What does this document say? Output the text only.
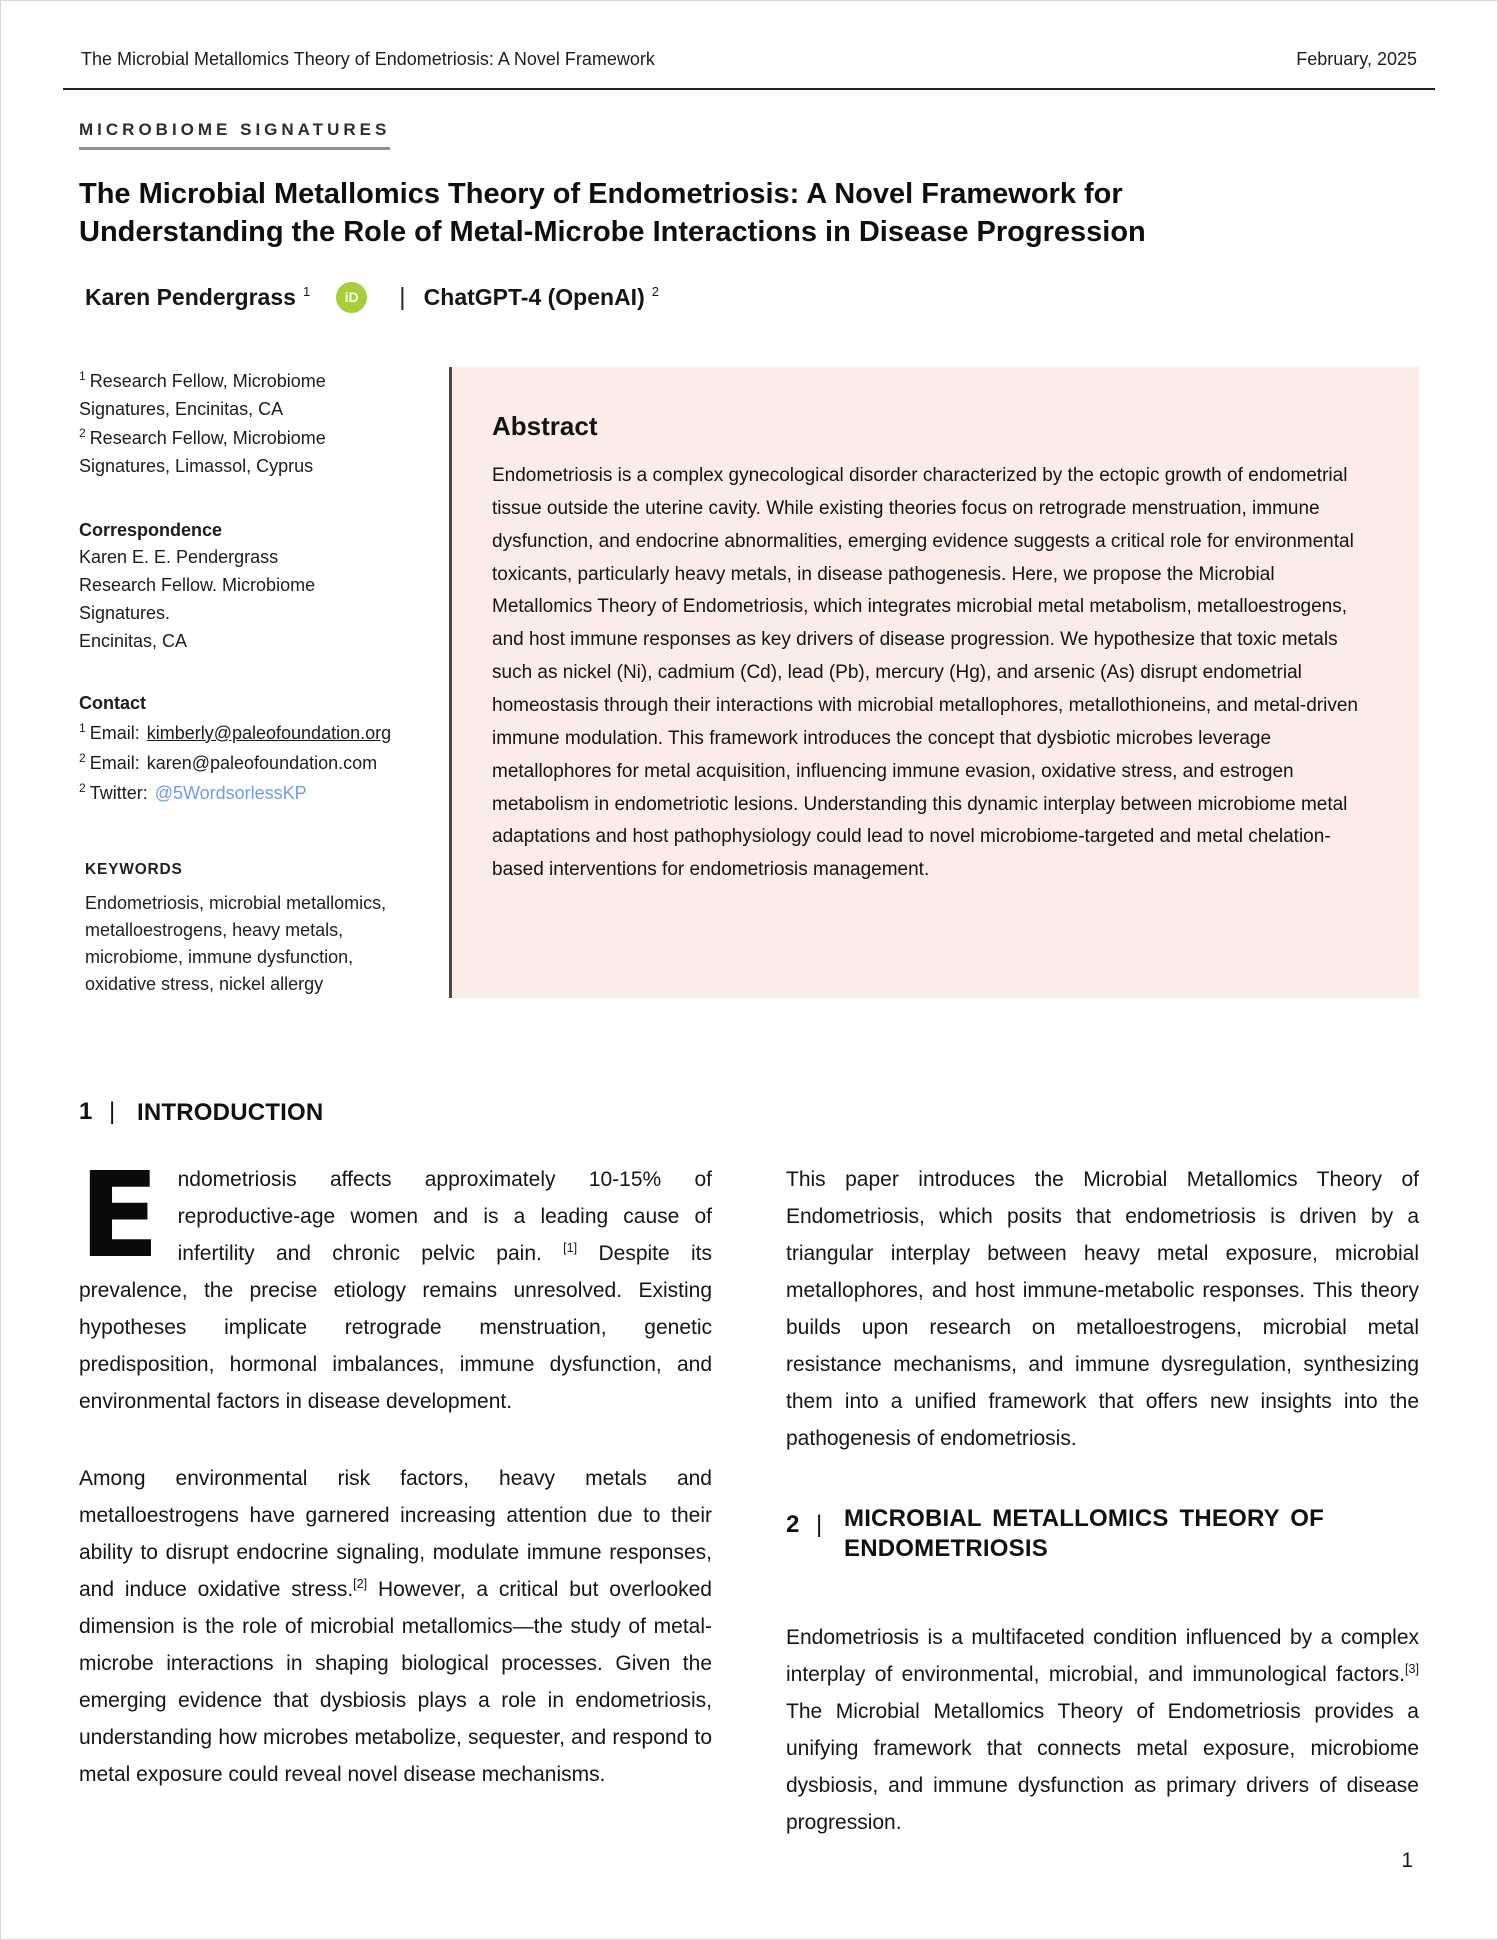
The Microbial Metallomics Theory of Endometriosis: A Novel Framework	February, 2025
MICROBIOME SIGNATURES
The Microbial Metallomics Theory of Endometriosis: A Novel Framework for Understanding the Role of Metal-Microbe Interactions in Disease Progression
Karen Pendergrass $^1$	iD	| ChatGPT-4 (OpenAI) $^2$

$^1$ Research Fellow, Microbiome Signatures, Encinitas, CA

$^2$ Research Fellow, Microbiome Signatures, Limassol, Cyprus

Correspondence

Karen E. E. Pendergrass

Research Fellow. Microbiome Signatures.

Encinitas, CA

Contact

$^1$ Email: kimberly@paleofoundation.org

$^2$ Email: karen@paleofoundation.com

$^2$ Twitter: @5WordsorlessKP

KEYWORDS

Endometriosis, microbial metallomics, metalloestrogens, heavy metals, microbiome, immune dysfunction, oxidative stress, nickel allergy

Abstract

Endometriosis is a complex gynecological disorder characterized by the ectopic growth of endometrial tissue outside the uterine cavity. While existing theories focus on retrograde menstruation, immune dysfunction, and endocrine abnormalities, emerging evidence suggests a critical role for environmental toxicants, particularly heavy metals, in disease pathogenesis. Here, we propose the Microbial Metallomics Theory of Endometriosis, which integrates microbial metal metabolism, metalloestrogens, and host immune responses as key drivers of disease progression. We hypothesize that toxic metals such as nickel (Ni), cadmium (Cd), lead (Pb), mercury (Hg), and arsenic (As) disrupt endometrial homeostasis through their interactions with microbial metallophores, metallothioneins, and metal-driven immune modulation. This framework introduces the concept that dysbiotic microbes leverage metallophores for metal acquisition, influencing immune evasion, oxidative stress, and estrogen metabolism in endometriotic lesions. Understanding this dynamic interplay between microbiome metal adaptations and host pathophysiology could lead to novel microbiome-targeted and metal chelation-based interventions for endometriosis management.

1 | INTRODUCTION

Endometriosis affects approximately 10-15% of reproductive-age women and is a leading cause of infertility and chronic pelvic pain. [1] Despite its prevalence, the precise etiology remains unresolved. Existing hypotheses implicate retrograde menstruation, genetic predisposition, hormonal imbalances, immune dysfunction, and environmental factors in disease development.

Among environmental risk factors, heavy metals and metalloestrogens have garnered increasing attention due to their ability to disrupt endocrine signaling, modulate immune responses, and induce oxidative stress.[2] However, a critical but overlooked dimension is the role of microbial metallomics—the study of metal-microbe interactions in shaping biological processes. Given the emerging evidence that dysbiosis plays a role in endometriosis, understanding how microbes metabolize, sequester, and respond to metal exposure could reveal novel disease mechanisms.

This paper introduces the Microbial Metallomics Theory of Endometriosis, which posits that endometriosis is driven by a triangular interplay between heavy metal exposure, microbial metallophores, and host immune-metabolic responses. This theory builds upon research on metalloestrogens, microbial metal resistance mechanisms, and immune dysregulation, synthesizing them into a unified framework that offers new insights into the pathogenesis of endometriosis.

2 | MICROBIAL METALLOMICS THEORY OF ENDOMETRIOSIS

Endometriosis is a multifaceted condition influenced by a complex interplay of environmental, microbial, and immunological factors.[3] The Microbial Metallomics Theory of Endometriosis provides a unifying framework that connects metal exposure, microbiome dysbiosis, and immune dysfunction as primary drivers of disease progression.

1
